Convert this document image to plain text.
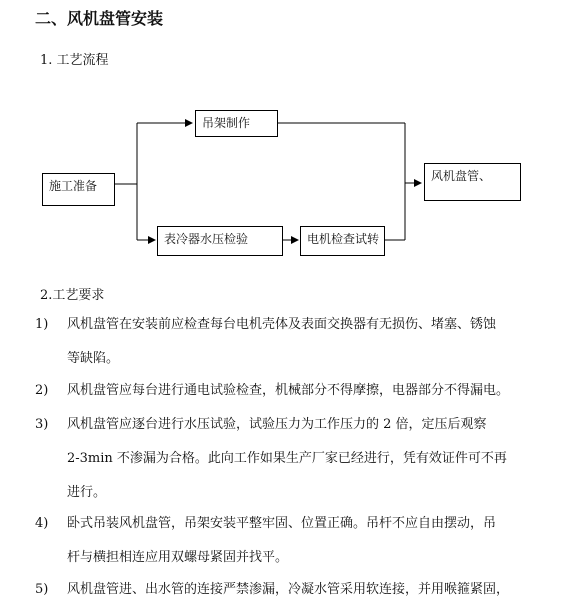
二、风机盘管安装
1. 工艺流程
施工准备
吊架制作
表冷器水压检验	电机检查试转
风机盘管、
2.工艺要求
1) 风机盘管在安装前应检查每台电机壳体及表面交换器有无损伤、堵塞、锈蚀
等缺陷。
2) 风机盘管应每台进行通电试验检查，机械部分不得摩擦，电器部分不得漏电。
3) 风机盘管应逐台进行水压试验，试验压力为工作压力的 2 倍，定压后观察
2-3min 不渗漏为合格。此向工作如果生产厂家已经进行，凭有效证件可不再
进行。
4) 卧式吊装风机盘管，吊架安装平整牢固、位置正确。吊杆不应自由摆动，吊
杆与横担相连应用双螺母紧固并找平。
5) 风机盘管进、出水管的连接严禁渗漏，冷凝水管采用软连接，并用喉箍紧固，
